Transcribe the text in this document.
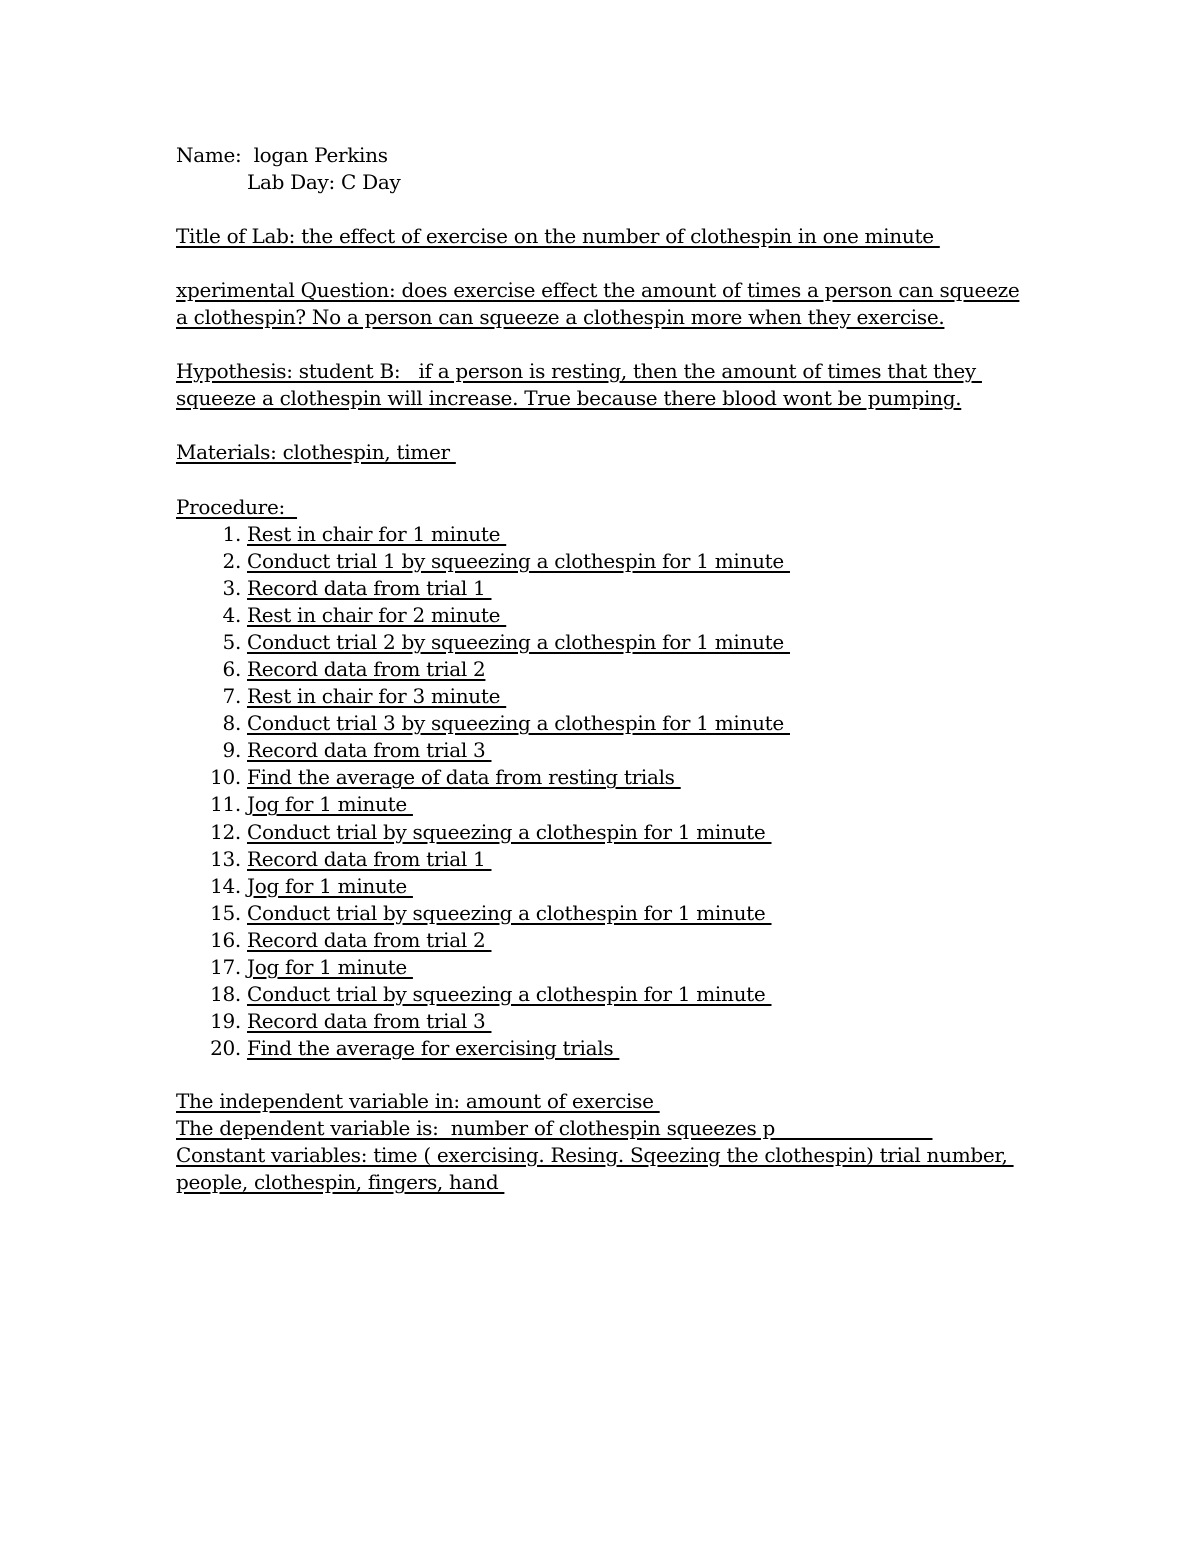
Name:  logan Perkins
Lab Day: C Day
Title of Lab: the effect of exercise on the number of clothespin in one minute
xperimental Question: does exercise effect the amount of times a person can squeeze
a clothespin? No a person can squeeze a clothespin more when they exercise.
Hypothesis: student B:   if a person is resting, then the amount of times that they
squeeze a clothespin will increase. True because there blood wont be pumping.
Materials: clothespin, timer
Procedure:
1. Rest in chair for 1 minute
2. Conduct trial 1 by squeezing a clothespin for 1 minute
3. Record data from trial 1
4. Rest in chair for 2 minute
5. Conduct trial 2 by squeezing a clothespin for 1 minute
6. Record data from trial 2
7. Rest in chair for 3 minute
8. Conduct trial 3 by squeezing a clothespin for 1 minute
9. Record data from trial 3
10. Find the average of data from resting trials
11. Jog for 1 minute
12. Conduct trial by squeezing a clothespin for 1 minute
13. Record data from trial 1
14. Jog for 1 minute
15. Conduct trial by squeezing a clothespin for 1 minute
16. Record data from trial 2
17. Jog for 1 minute
18. Conduct trial by squeezing a clothespin for 1 minute
19. Record data from trial 3
20. Find the average for exercising trials
The independent variable in: amount of exercise
The dependent variable is:  number of clothespin squeezes p
Constant variables: time ( exercising. Resing. Sqeezing the clothespin) trial number,
people, clothespin, fingers, hand
